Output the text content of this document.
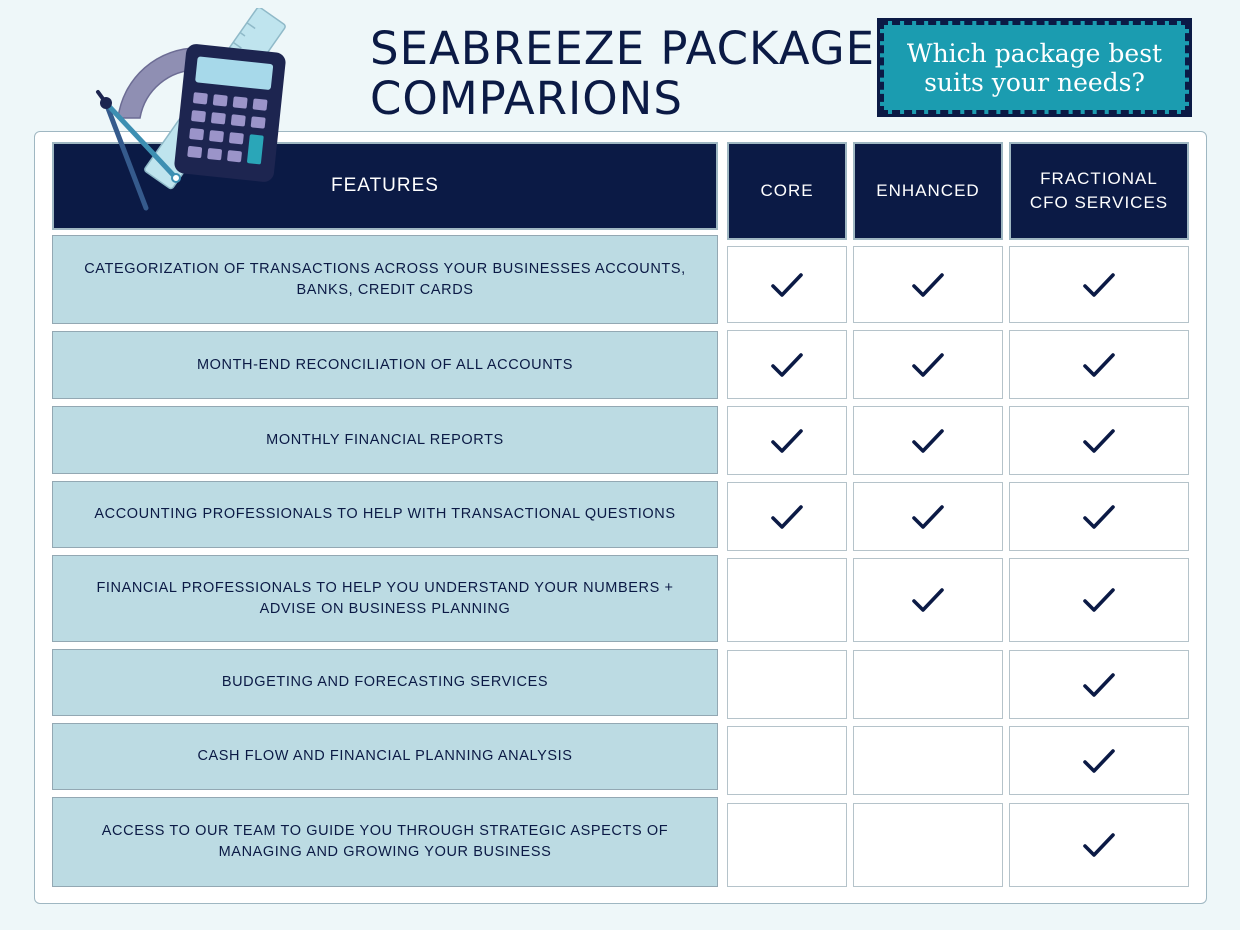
SEABREEZE PACKAGE
COMPARIONS
Which package best
suits your needs?
FEATURES	CORE	ENHANCED
FRACTIONAL
CFO SERVICES
CATEGORIZATION OF TRANSACTIONS ACROSS YOUR BUSINESSES ACCOUNTS,
BANKS, CREDIT CARDS
MONTH-END RECONCILIATION OF ALL ACCOUNTS
MONTHLY FINANCIAL REPORTS
ACCOUNTING PROFESSIONALS TO HELP WITH TRANSACTIONAL QUESTIONS
FINANCIAL PROFESSIONALS TO HELP YOU UNDERSTAND YOUR NUMBERS +
ADVISE ON BUSINESS PLANNING
BUDGETING AND FORECASTING SERVICES
CASH FLOW AND FINANCIAL PLANNING ANALYSIS
ACCESS TO OUR TEAM TO GUIDE YOU THROUGH STRATEGIC ASPECTS OF
MANAGING AND GROWING YOUR BUSINESS
